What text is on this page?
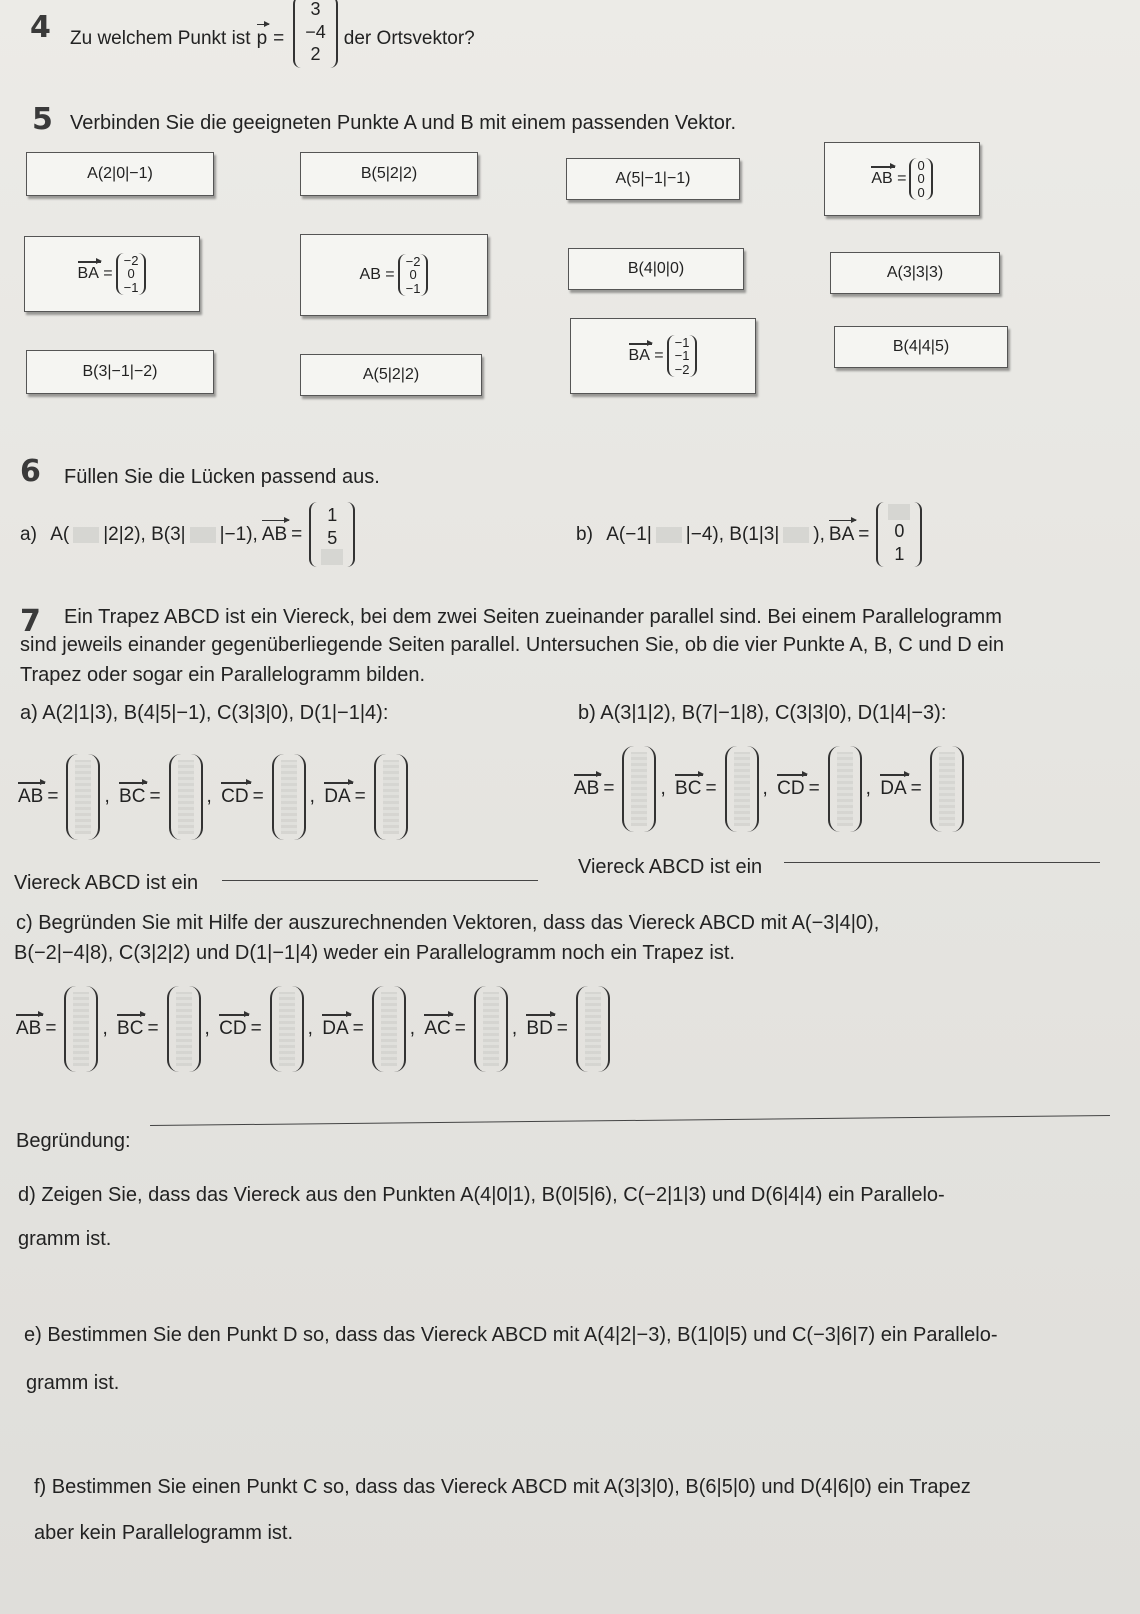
4 Zu welchem Punkt ist p =
3
−4
2
der Ortsvektor?
5 Verbinden Sie die geeigneten Punkte A und B mit einem passenden Vektor.
A(2|0|−1)	B(5|2|2)	A(5|−1|−1)	AB =
0
0
0
BA =
−2
0
−1
AB =
−2
0
−1
B(4|0|0)	A(3|3|3)
BA =
−1
−1
−2
B(4|4|5)
B(3|−1|−2)	A(5|2|2)
6 Füllen Sie die Lücken passend aus.
a)
A( |2|2), B(3| |−1), AB =
1
5	b)
A(−1| |−4), B(1|3| ), BA = 0
1
7 Ein Trapez ABCD ist ein Viereck, bei dem zwei Seiten zueinander parallel sind. Bei einem Parallelogramm
sind jeweils einander gegenüberliegende Seiten parallel. Untersuchen Sie, ob die vier Punkte A, B, C und D ein
Trapez oder sogar ein Parallelogramm bilden.
a) A(2|1|3), B(4|5|−1), C(3|3|0), D(1|−1|4):	b) A(3|1|2), B(7|−1|8), C(3|3|0), D(1|4|−3):
AB = , BC = , CD = , DA =	AB = , BC = , CD = , DA =
Viereck ABCD ist ein
Viereck ABCD ist ein
c) Begründen Sie mit Hilfe der auszurechnenden Vektoren, dass das Viereck ABCD mit A(−3|4|0),
B(−2|−4|8), C(3|2|2) und D(1|−1|4) weder ein Parallelogramm noch ein Trapez ist.
AB = , BC = , CD = , DA = , AC = , BD =
Begründung:
d) Zeigen Sie, dass das Viereck aus den Punkten A(4|0|1), B(0|5|6), C(−2|1|3) und D(6|4|4) ein Parallelo-
gramm ist.
e) Bestimmen Sie den Punkt D so, dass das Viereck ABCD mit A(4|2|−3), B(1|0|5) und C(−3|6|7) ein Parallelo-
gramm ist.
f) Bestimmen Sie einen Punkt C so, dass das Viereck ABCD mit A(3|3|0), B(6|5|0) und D(4|6|0) ein Trapez
aber kein Parallelogramm ist.
